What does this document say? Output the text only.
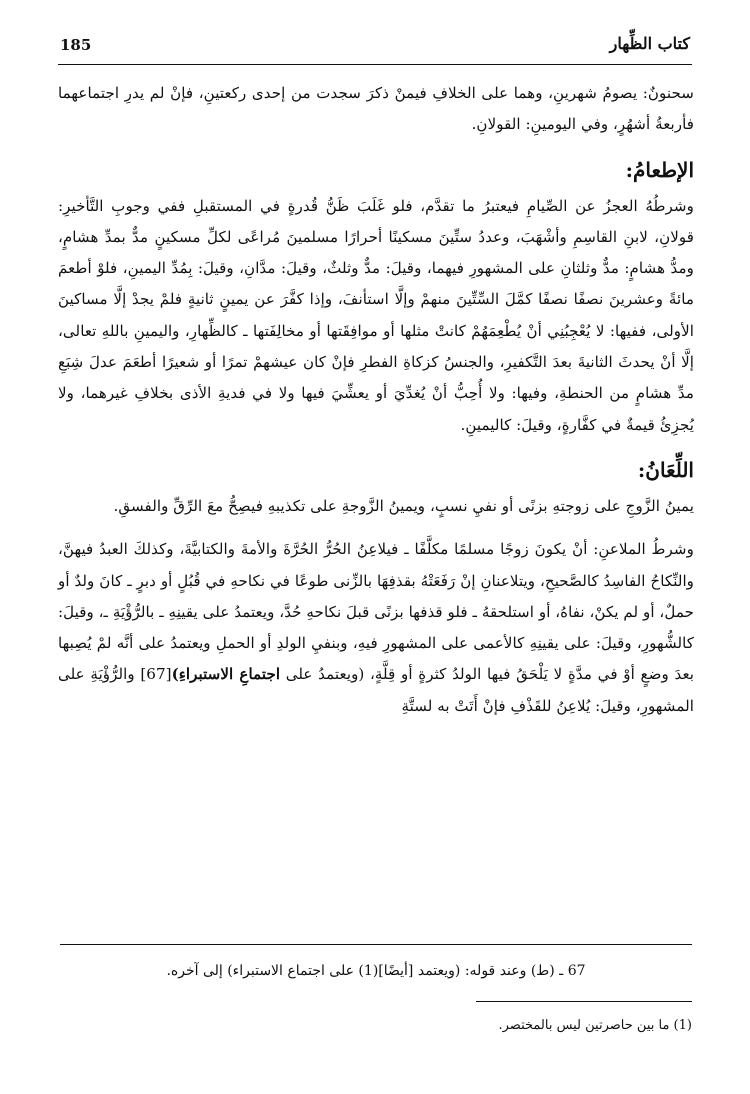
185	كتاب الظِّهار

سحنونٌ: يصومُ شهرينِ، وهما على الخلافِ فيمنْ ذكرَ سجدت من إحدى ركعتينِ، فإنْ لم يدرِ اجتماعهما فأربعةُ أشهُرٍ، وفي اليومينِ: القولانِ.

الإطعامُ:

وشرطُهُ العجزُ عن الصِّيامِ فيعتبرُ ما تقدَّم، فلو غَلَبَ ظَنُّ قُدرةٍ في المستقبلِ ففي وجوبِ التَّأخيرِ: قولانِ، لابنِ القاسِمِ وأشْهَبَ، وعددُ ستِّينَ مسكينًا أحرارًا مسلمينَ مُراعًى لكلِّ مسكينٍ مدٌّ بمدِّ هشامٍ، ومدُّ هشامٍ: مدٌّ وثلثانِ على المشهورِ فيهما، وقيلَ: مدٌّ وثلثٌ، وقيلَ: مدَّانِ، وقيلَ: بِمُدِّ اليمينِ، فلوْ أطعمَ مائةً وعشرينَ نصفًا نصفًا كمَّلَ السِّتِّينَ منهمْ وإلَّا استأنفَ، وإذا كفَّرَ عن يمينٍ ثانيةٍ فلمْ يجدْ إلَّا مساكينَ الأولى، ففيها: لا يُعْجِبُنِي أنْ يُطْعِمَهُمْ كانتْ مثلها أو موافِقَتها أو مخالِفَتها ـ كالظِّهارِ، واليمينِ باللهِ تعالى، إلَّا أنْ يحدثَ الثانيةَ بعدَ التَّكفيرِ، والجنسُ كزكاةِ الفطرِ فإنْ كان عيشهمْ تمرًا أو شعيرًا أطعَمَ عدلَ شِبَعِ مدِّ هشامٍ من الحنطةِ، وفيها: ولا أُحِبُّ أنْ يُغدِّيَ أو يعشِّيَ فيها ولا في فديةِ الأذى بخلافِ غيرهما، ولا يُجزِئُ قيمةٌ في كفَّارةٍ، وقيلَ: كاليمينِ.

اللِّعَانُ:

يمينُ الزَّوجِ على زوجتهِ بزنًى أو نفيِ نسبٍ، ويمينُ الزَّوجةِ على تكذيبهِ فيصِحُّ معَ الرِّقِّ والفسقِ.

وشرطُ الملاعنِ: أنْ يكونَ زوجًا مسلمًا مكلَّفًا ـ فيلاعِنُ الحُرُّ الحُرَّةَ والأمةَ والكتابيَّةَ، وكذلكَ العبدُ فيهنَّ، والنِّكاحُ الفاسِدُ كالصَّحيحِ، ويتلاعنانِ إنْ رَفَعَتْهُ بقذفِهَا بالزِّنى طوعًا في نكاحهِ في قُبُلٍ أو دبرٍ ـ كانَ ولدٌ أو حملٌ، أو لم يكنْ، نفاهُ، أو استلحقهُ ـ فلو قذفها بزنًى قبلَ نكاحهِ حُدَّ، ويعتمدُ على يقينِهِ ـ بالرُّؤْيَةِ ـ، وقيلَ: كالشُّهورِ، وقيلَ: على يقينِهِ كالأعمى على المشهورِ فيهِ، وبنفيِ الولدِ أو الحملِ ويعتمدُ على أنَّه لمْ يُصِبها بعدَ وضعٍ أوْ في مدَّةٍ لا يَلْحَقُ فيها الولدُ كثرةٍ أو قِلَّةٍ، (ويعتمدُ على اجتماعِ الاستبراءِ)[67] والرُّؤْيَةِ على المشهورِ، وقيلَ: يُلاعِنُ للقَذْفِ فإنْ أَتَتْ به لستَّةِ

67 ـ (ط) وعند قوله: (ويعتمد [أيضًا](1) على اجتماع الاستبراء) إلى آخره.
(1) ما بين حاصرتين ليس بالمختصر.
